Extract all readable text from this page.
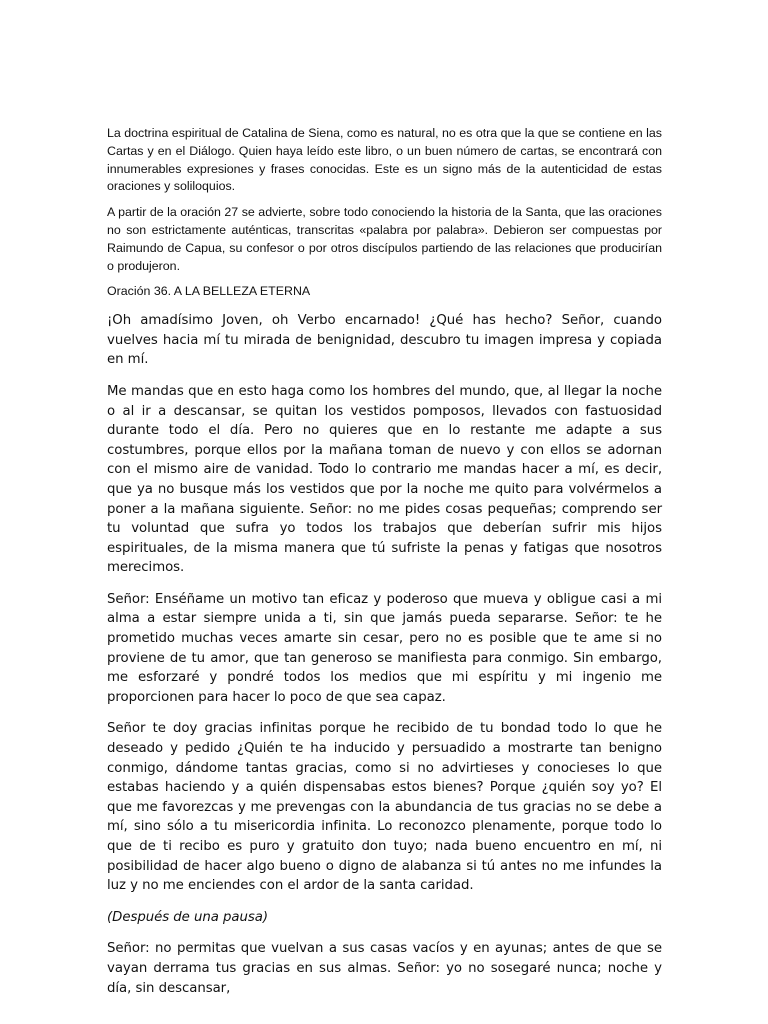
La doctrina espiritual de Catalina de Siena, como es natural, no es otra que la que se contiene en las Cartas y en el Diálogo. Quien haya leído este libro, o un buen número de cartas, se encontrará con innumerables expresiones y frases conocidas. Este es un signo más de la autenticidad de estas oraciones y soliloquios.

A partir de la oración 27 se advierte, sobre todo conociendo la historia de la Santa, que las oraciones no son estrictamente auténticas, transcritas «palabra por palabra». Debieron ser compuestas por Raimundo de Capua, su confesor o por otros discípulos partiendo de las relaciones que producirían o produjeron.

Oración 36. A LA BELLEZA ETERNA

¡Oh amadísimo Joven, oh Verbo encarnado! ¿Qué has hecho? Señor, cuando vuelves hacia mí tu mirada de benignidad, descubro tu imagen impresa y copiada en mí.

Me mandas que en esto haga como los hombres del mundo, que, al llegar la noche o al ir a descansar, se quitan los vestidos pomposos, llevados con fastuosidad durante todo el día. Pero no quieres que en lo restante me adapte a sus costumbres, porque ellos por la mañana toman de nuevo y con ellos se adornan con el mismo aire de vanidad. Todo lo contrario me mandas hacer a mí, es decir, que ya no busque más los vestidos que por la noche me quito para volvérmelos a poner a la mañana siguiente. Señor: no me pides cosas pequeñas; comprendo ser tu voluntad que sufra yo todos los trabajos que deberían sufrir mis hijos espirituales, de la misma manera que tú sufriste la penas y fatigas que nosotros merecimos.

Señor: Enséñame un motivo tan eficaz y poderoso que mueva y obligue casi a mi alma a estar siempre unida a ti, sin que jamás pueda separarse. Señor: te he prometido muchas veces amarte sin cesar, pero no es posible que te ame si no proviene de tu amor, que tan generoso se manifiesta para conmigo. Sin embargo, me esforzaré y pondré todos los medios que mi espíritu y mi ingenio me proporcionen para hacer lo poco de que sea capaz.

Señor te doy gracias infinitas porque he recibido de tu bondad todo lo que he deseado y pedido ¿Quién te ha inducido y persuadido a mostrarte tan benigno conmigo, dándome tantas gracias, como si no advirtieses y conocieses lo que estabas haciendo y a quién dispensabas estos bienes? Porque ¿quién soy yo? El que me favorezcas y me prevengas con la abundancia de tus gracias no se debe a mí, sino sólo a tu misericordia infinita. Lo reconozco plenamente, porque todo lo que de ti recibo es puro y gratuito don tuyo; nada bueno encuentro en mí, ni posibilidad de hacer algo bueno o digno de alabanza si tú antes no me infundes la luz y no me enciendes con el ardor de la santa caridad.

(Después de una pausa)

Señor: no permitas que vuelvan a sus casas vacíos y en ayunas; antes de que se vayan derrama tus gracias en sus almas. Señor: yo no sosegaré nunca; noche y día, sin descansar,
